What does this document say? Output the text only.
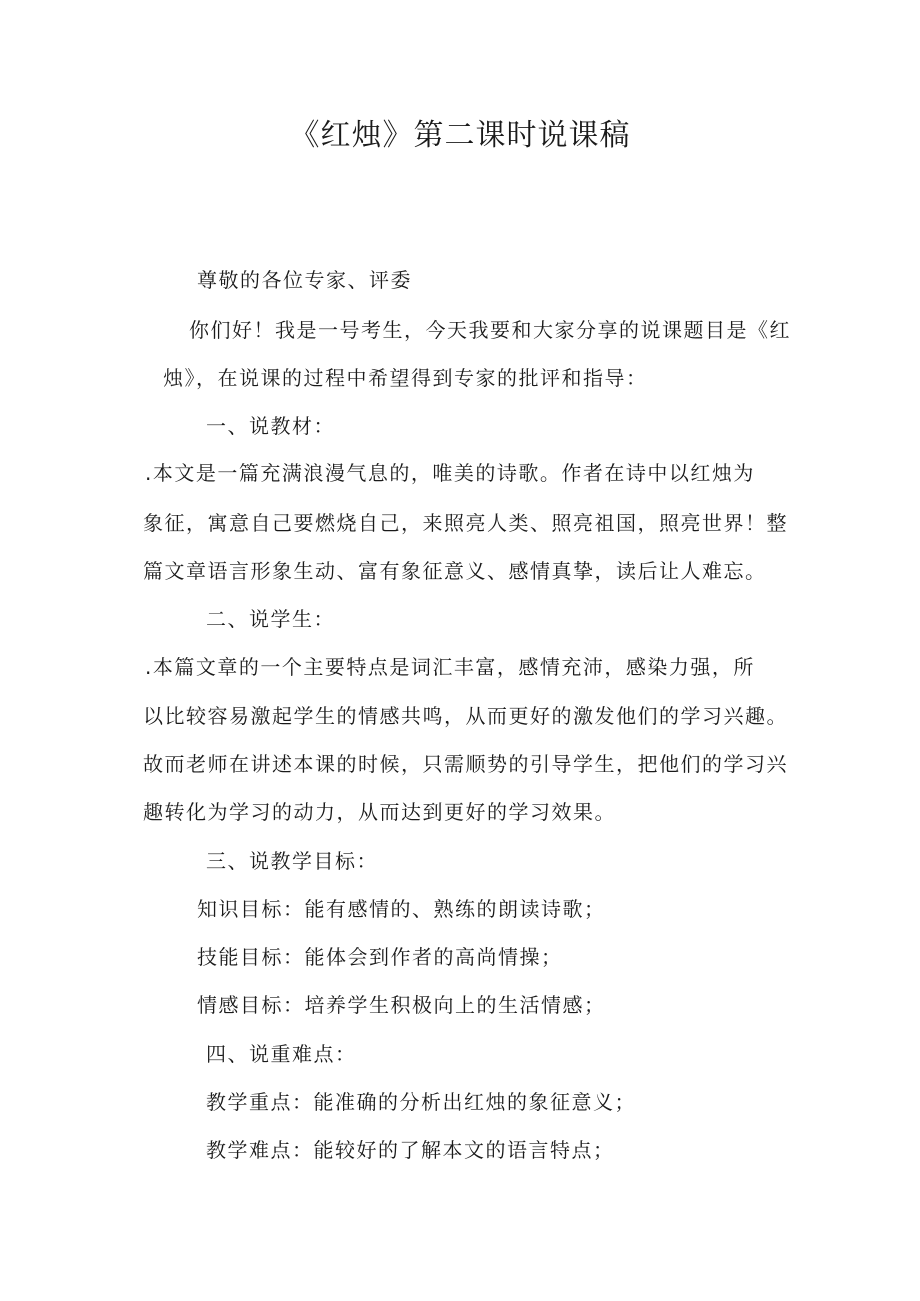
《红烛》第二课时说课稿

尊敬的各位专家、评委

你们好！我是一号考生，今天我要和大家分享的说课题目是《红

烛》，在说课的过程中希望得到专家的批评和指导：

一、说教材：

.本文是一篇充满浪漫气息的，唯美的诗歌。作者在诗中以红烛为

象征，寓意自己要燃烧自己，来照亮人类、照亮祖国，照亮世界！整

篇文章语言形象生动、富有象征意义、感情真挚，读后让人难忘。

二、说学生：

.本篇文章的一个主要特点是词汇丰富，感情充沛，感染力强，所

以比较容易激起学生的情感共鸣，从而更好的激发他们的学习兴趣。

故而老师在讲述本课的时候，只需顺势的引导学生，把他们的学习兴

趣转化为学习的动力，从而达到更好的学习效果。

三、说教学目标：

知识目标：能有感情的、熟练的朗读诗歌；

技能目标：能体会到作者的高尚情操；

情感目标：培养学生积极向上的生活情感；

四、说重难点：

教学重点：能准确的分析出红烛的象征意义；

教学难点：能较好的了解本文的语言特点；
